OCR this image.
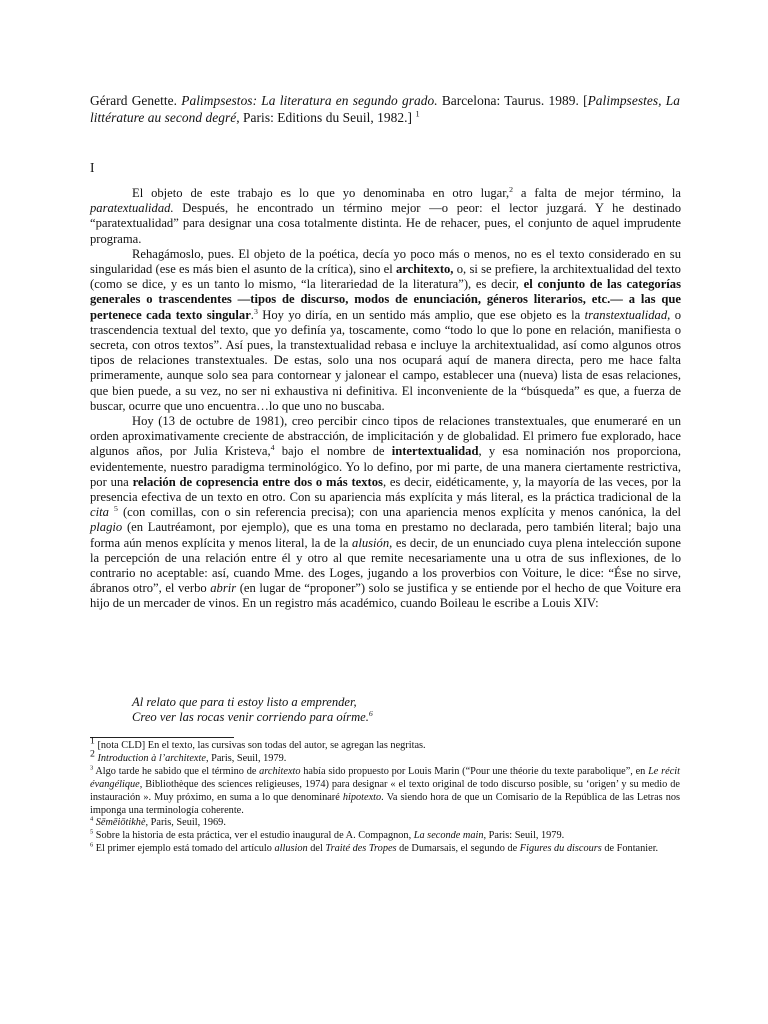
Gérard Genette. Palimpsestos: La literatura en segundo grado. Barcelona: Taurus. 1989. [Palimpsestes, La littérature au second degré, Paris: Editions du Seuil, 1982.] $^1$
I

El objeto de este trabajo es lo que yo denominaba en otro lugar,$^2$ a falta de mejor término, la paratextualidad. Después, he encontrado un término mejor —o peor: el lector juzgará. Y he destinado “paratextualidad” para designar una cosa totalmente distinta. He de rehacer, pues, el conjunto de aquel imprudente programa.

Rehagámoslo, pues. El objeto de la poética, decía yo poco más o menos, no es el texto considerado en su singularidad (ese es más bien el asunto de la crítica), sino el architexto, o, si se prefiere, la architextualidad del texto (como se dice, y es un tanto lo mismo, “la literariedad de la literatura”), es decir, el conjunto de las categorías generales o trascendentes —tipos de discurso, modos de enunciación, géneros literarios, etc.— a las que pertenece cada texto singular.$^3$ Hoy yo diría, en un sentido más amplio, que ese objeto es la transtextualidad, o trascendencia textual del texto, que yo definía ya, toscamente, como “todo lo que lo pone en relación, manifiesta o secreta, con otros textos”. Así pues, la transtextualidad rebasa e incluye la architextualidad, así como algunos otros tipos de relaciones transtextuales. De estas, solo una nos ocupará aquí de manera directa, pero me hace falta primeramente, aunque solo sea para contornear y jalonear el campo, establecer una (nueva) lista de esas relaciones, que bien puede, a su vez, no ser ni exhaustiva ni definitiva. El inconveniente de la “búsqueda” es que, a fuerza de buscar, ocurre que uno encuentra…lo que uno no buscaba.

Hoy (13 de octubre de 1981), creo percibir cinco tipos de relaciones transtextuales, que enumeraré en un orden aproximativamente creciente de abstracción, de implicitación y de globalidad. El primero fue explorado, hace algunos años, por Julia Kristeva,$^4$ bajo el nombre de intertextualidad, y esa nominación nos proporciona, evidentemente, nuestro paradigma terminológico. Yo lo defino, por mi parte, de una manera ciertamente restrictiva, por una relación de copresencia entre dos o más textos, es decir, eidéticamente, y, la mayoría de las veces, por la presencia efectiva de un texto en otro. Con su apariencia más explícita y más literal, es la práctica tradicional de la cita $^5$ (con comillas, con o sin referencia precisa); con una apariencia menos explícita y menos canónica, la del plagio (en Lautréamont, por ejemplo), que es una toma en prestamo no declarada, pero también literal; bajo una forma aún menos explícita y menos literal, la de la alusión, es decir, de un enunciado cuya plena intelección supone la percepción de una relación entre él y otro al que remite necesariamente una u otra de sus inflexiones, de lo contrario no aceptable: así, cuando Mme. des Loges, jugando a los proverbios con Voiture, le dice: “Ése no sirve, ábranos otro”, el verbo abrir (en lugar de “proponer”) solo se justifica y se entiende por el hecho de que Voiture era hijo de un mercader de vinos. En un registro más académico, cuando Boileau le escribe a Louis XIV:

Al relato que para ti estoy listo a emprender,
Creo ver las rocas venir corriendo para oírme.$^6$
$^1$ [nota CLD] En el texto, las cursivas son todas del autor, se agregan las negritas.
$^2$ Introduction à l’architexte, Paris, Seuil, 1979.
$^3$ Algo tarde he sabido que el término de architexto había sido propuesto por Louis Marin (“Pour une théorie du texte parabolique”, en Le récit évangélique, Bibliothèque des sciences religieuses, 1974) para designar « el texto original de todo discurso posible, su ‘origen’ y su medio de instauración ». Muy próximo, en suma a lo que denominaré hipotexto. Va siendo hora de que un Comisario de la República de las Letras nos imponga una terminología coherente.
$^4$ Sēmēiōtikhè, Paris, Seuil, 1969.
$^5$ Sobre la historia de esta práctica, ver el estudio inaugural de A. Compagnon, La seconde main, Paris: Seuil, 1979.
$^6$ El primer ejemplo está tomado del artículo allusion del Traité des Tropes de Dumarsais, el segundo de Figures du discours de Fontanier.
